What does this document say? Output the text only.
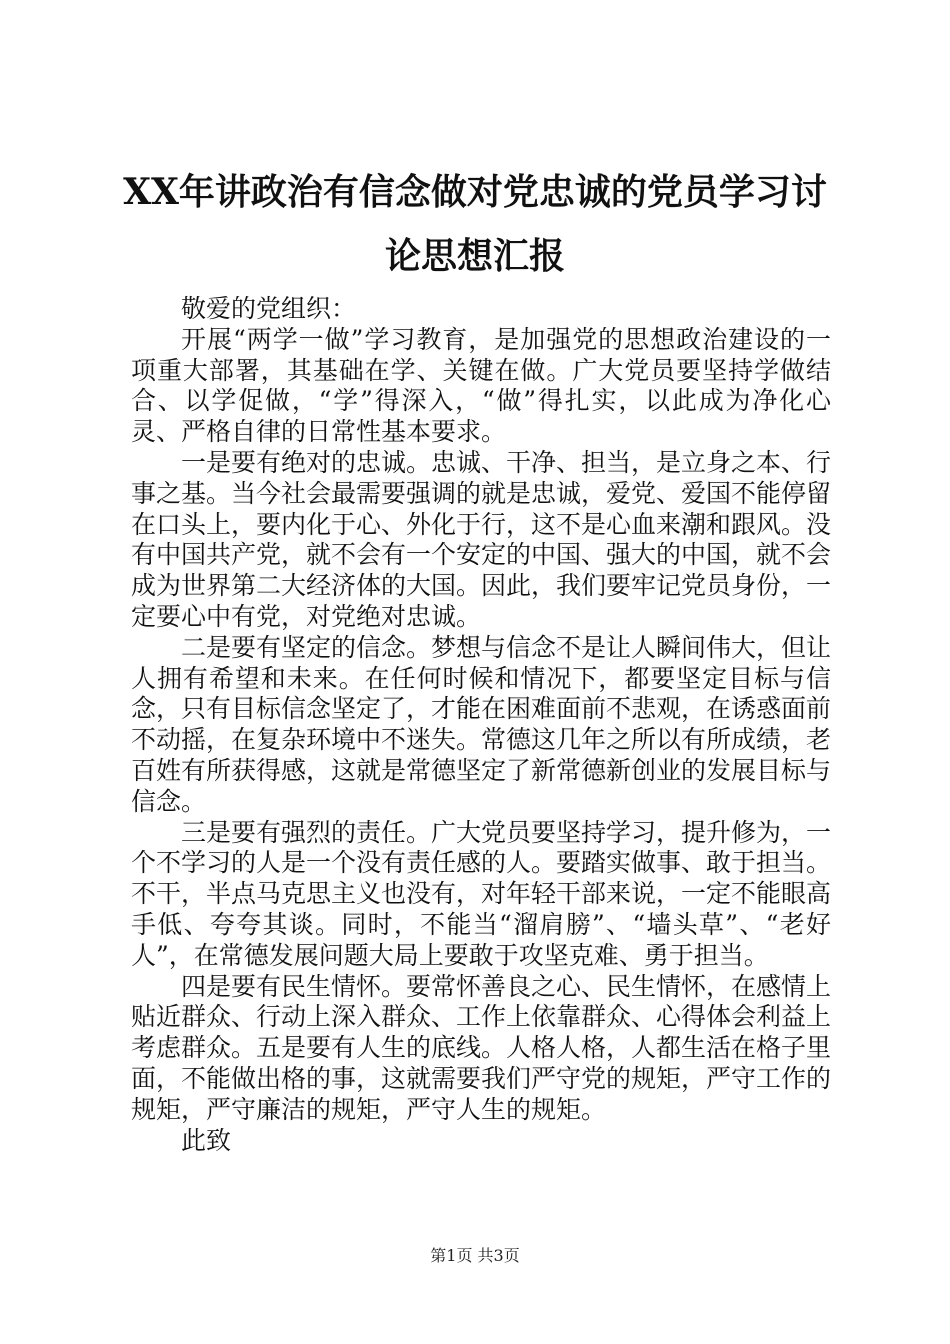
XX年讲政治有信念做对党忠诚的党员学习讨论思想汇报

敬爱的党组织：

开展“两学一做”学习教育，是加强党的思想政治建设的一项重大部署，其基础在学、关键在做。广大党员要坚持学做结合、以学促做，“学”得深入，“做”得扎实，以此成为净化心灵、严格自律的日常性基本要求。

一是要有绝对的忠诚。忠诚、干净、担当，是立身之本、行事之基。当今社会最需要强调的就是忠诚，爱党、爱国不能停留在口头上，要内化于心、外化于行，这不是心血来潮和跟风。没有中国共产党，就不会有一个安定的中国、强大的中国，就不会成为世界第二大经济体的大国。因此，我们要牢记党员身份，一定要心中有党，对党绝对忠诚。

二是要有坚定的信念。梦想与信念不是让人瞬间伟大，但让人拥有希望和未来。在任何时候和情况下，都要坚定目标与信念，只有目标信念坚定了，才能在困难面前不悲观，在诱惑面前不动摇，在复杂环境中不迷失。常德这几年之所以有所成绩，老百姓有所获得感，这就是常德坚定了新常德新创业的发展目标与信念。

三是要有强烈的责任。广大党员要坚持学习，提升修为，一个不学习的人是一个没有责任感的人。要踏实做事、敢于担当。不干，半点马克思主义也没有，对年轻干部来说，一定不能眼高手低、夸夸其谈。同时，不能当“溜肩膀”、“墙头草”、“老好人”，在常德发展问题大局上要敢于攻坚克难、勇于担当。

四是要有民生情怀。要常怀善良之心、民生情怀，在感情上贴近群众、行动上深入群众、工作上依靠群众、心得体会利益上考虑群众。五是要有人生的底线。人格人格，人都生活在格子里面，不能做出格的事，这就需要我们严守党的规矩，严守工作的规矩，严守廉洁的规矩，严守人生的规矩。

此致

第1页 共3页
